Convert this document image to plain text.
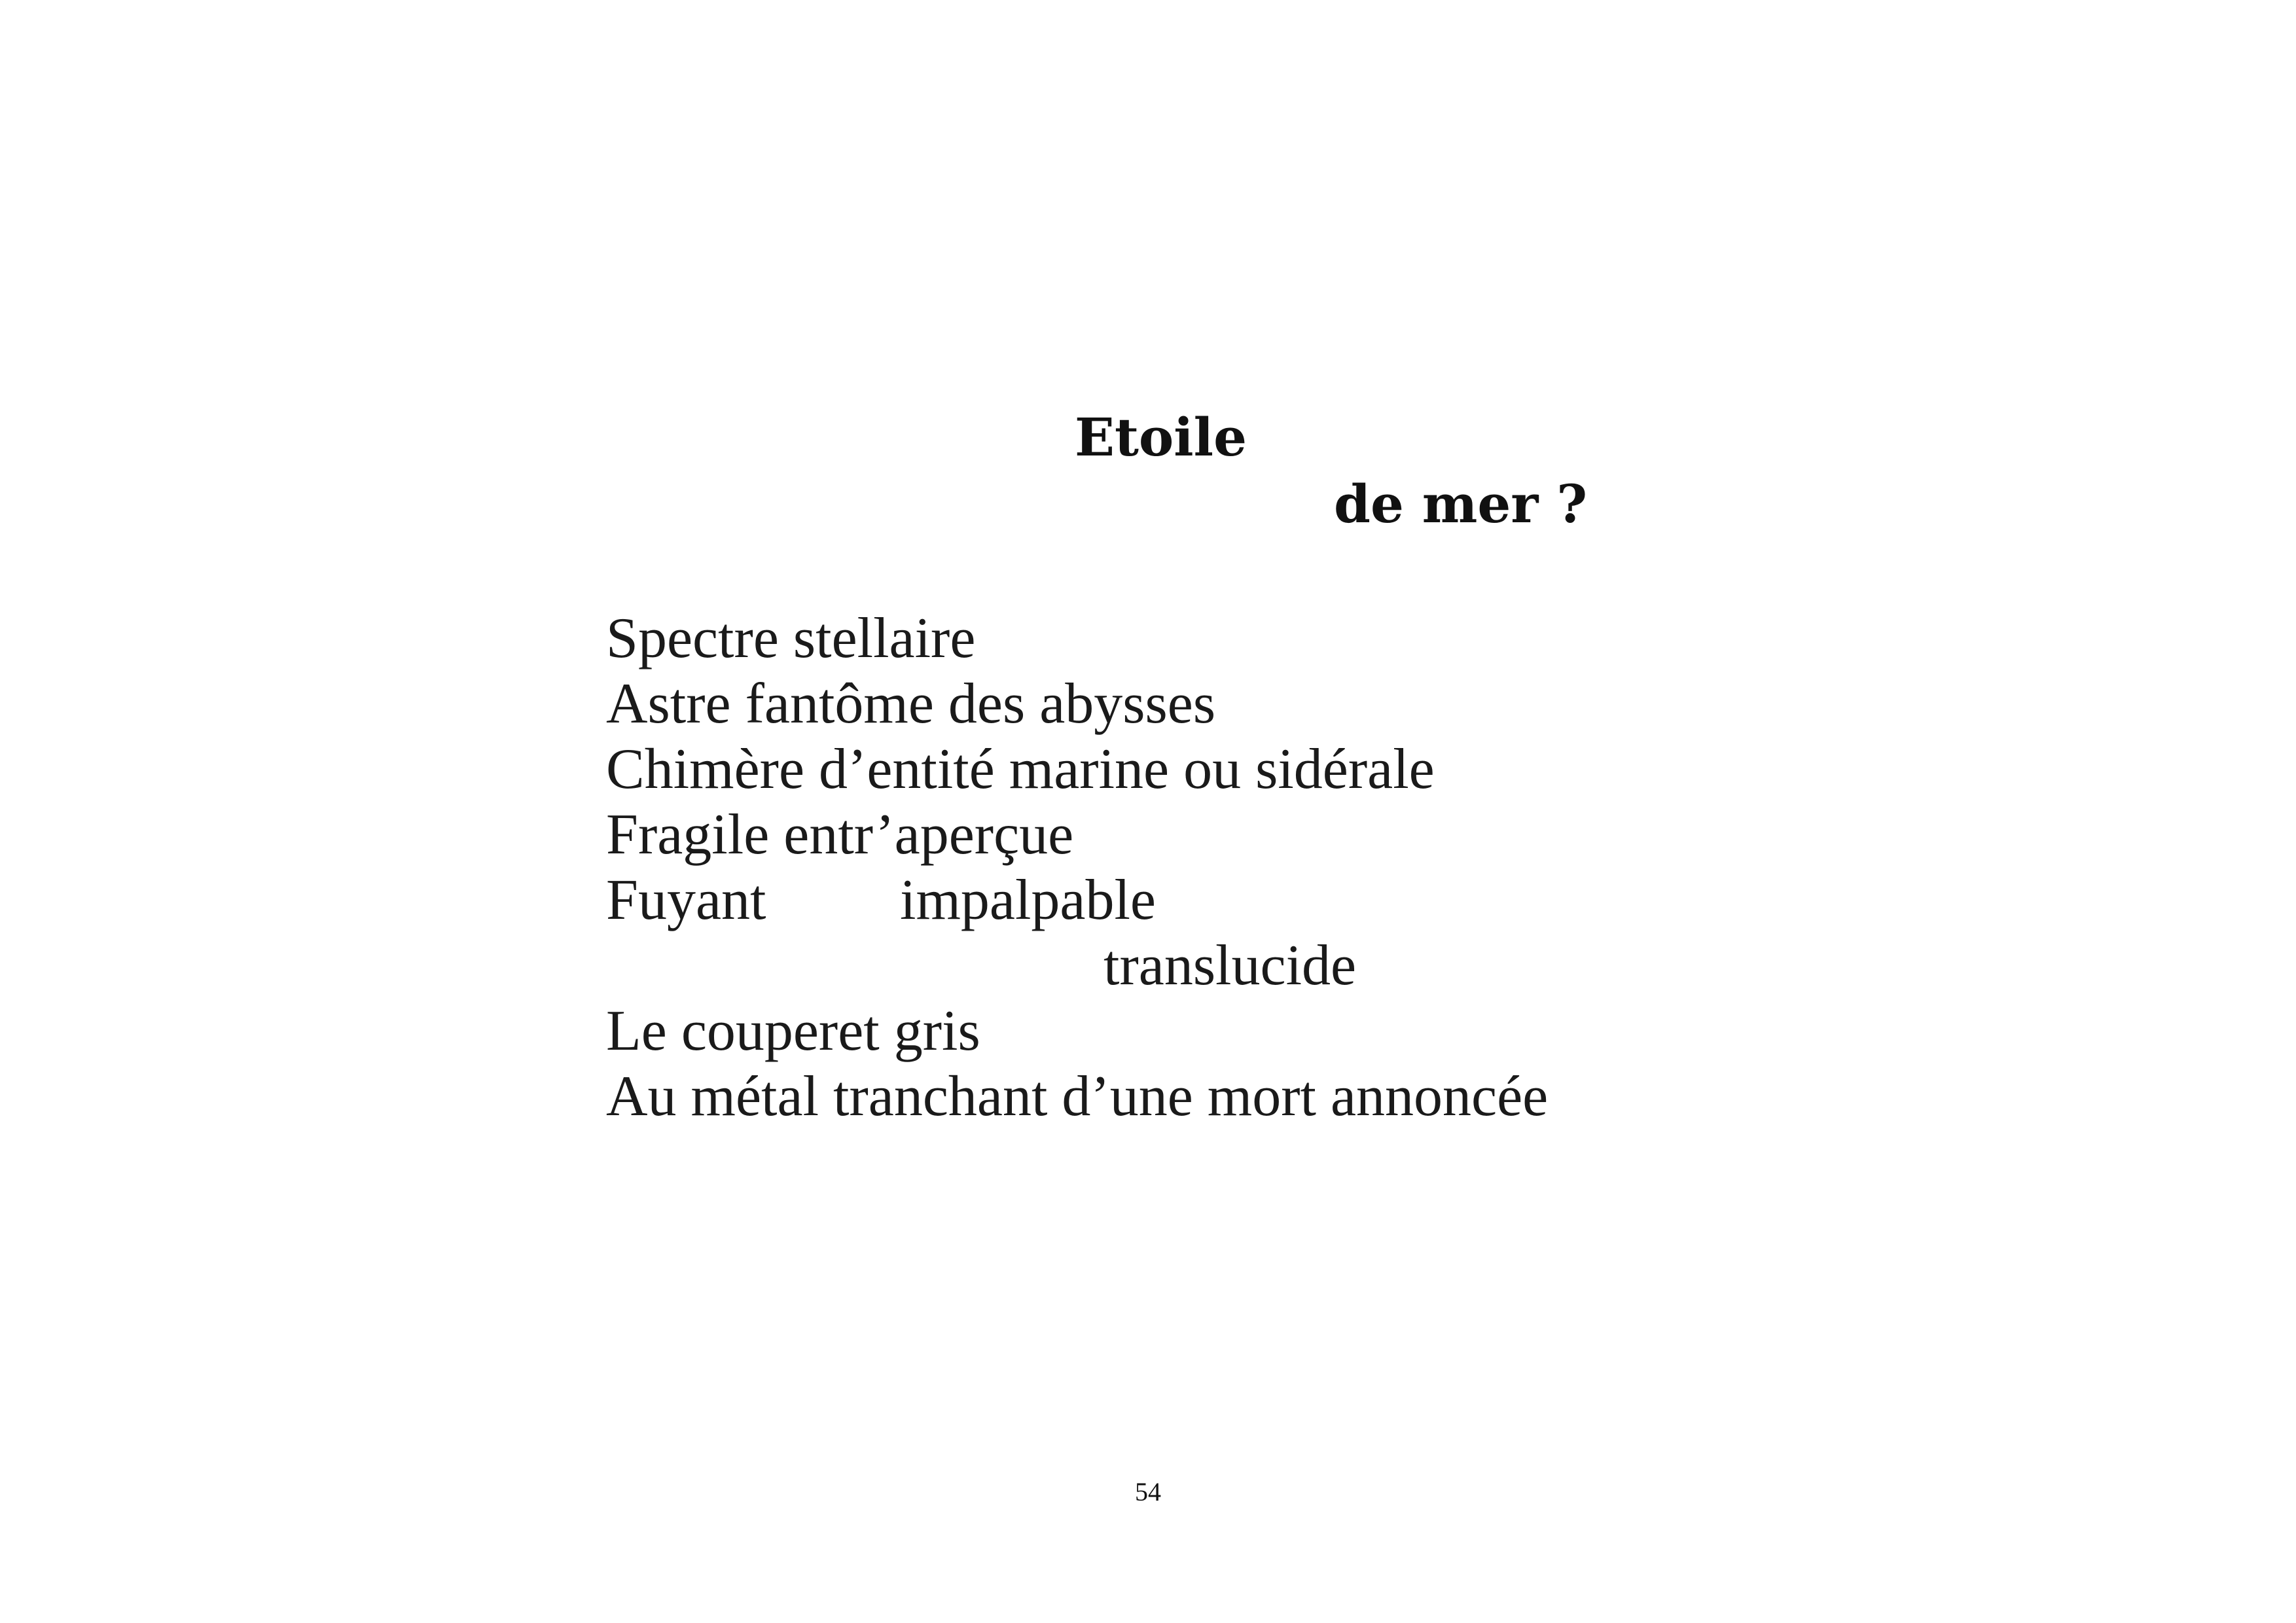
Etoile
de mer ?
Spectre stellaire
Astre fantôme des abysses
Chimère d’entité marine ou sidérale
Fragile entr’aperçue
Fuyant impalpable
translucide
Le couperet gris
Au métal tranchant d’une mort annoncée
54
